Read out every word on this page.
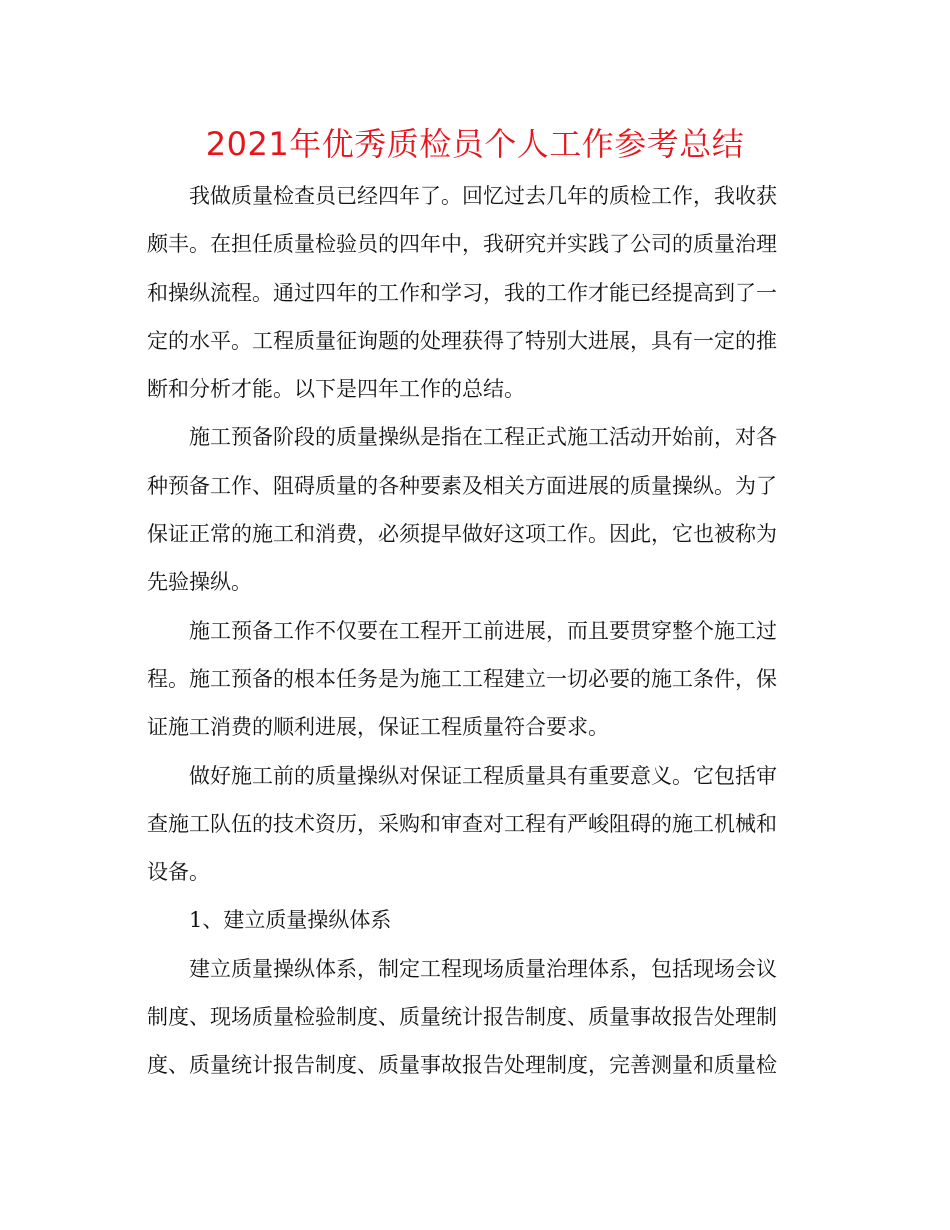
2021年优秀质检员个人工作参考总结
我做质量检查员已经四年了。回忆过去几年的质检工作，我收获
颇丰。在担任质量检验员的四年中，我研究并实践了公司的质量治理
和操纵流程。通过四年的工作和学习，我的工作才能已经提高到了一
定的水平。工程质量征询题的处理获得了特别大进展，具有一定的推
断和分析才能。以下是四年工作的总结。
施工预备阶段的质量操纵是指在工程正式施工活动开始前，对各
种预备工作、阻碍质量的各种要素及相关方面进展的质量操纵。为了
保证正常的施工和消费，必须提早做好这项工作。因此，它也被称为
先验操纵。
施工预备工作不仅要在工程开工前进展，而且要贯穿整个施工过
程。施工预备的根本任务是为施工工程建立一切必要的施工条件，保
证施工消费的顺利进展，保证工程质量符合要求。
做好施工前的质量操纵对保证工程质量具有重要意义。它包括审
查施工队伍的技术资历，采购和审查对工程有严峻阻碍的施工机械和
设备。
1、建立质量操纵体系
建立质量操纵体系，制定工程现场质量治理体系，包括现场会议
制度、现场质量检验制度、质量统计报告制度、质量事故报告处理制
度、质量统计报告制度、质量事故报告处理制度，完善测量和质量检
